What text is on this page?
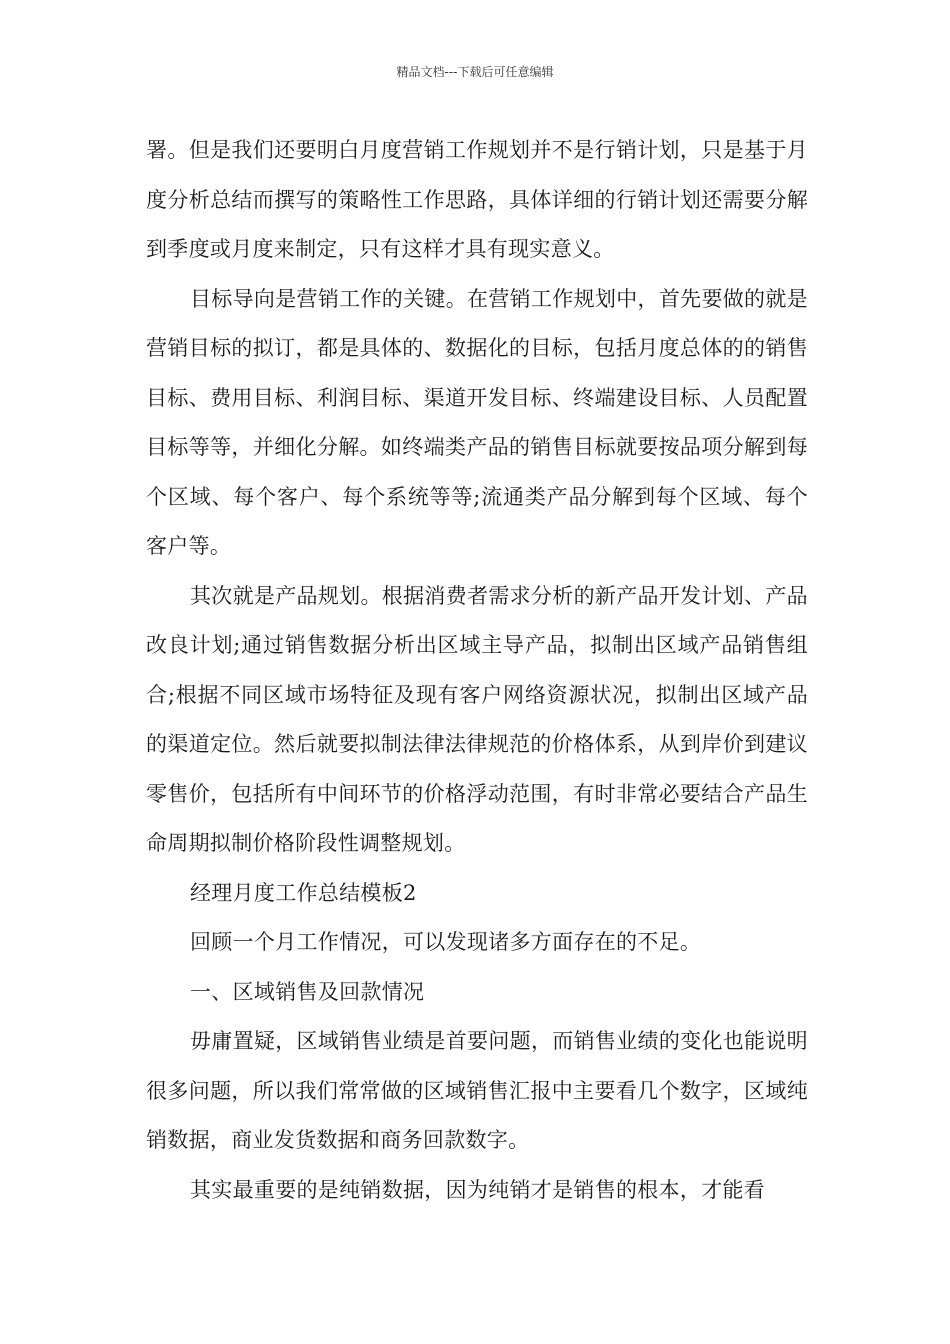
精品文档---下载后可任意编辑

署。但是我们还要明白月度营销工作规划并不是行销计划，只是基于月度分析总结而撰写的策略性工作思路，具体详细的行销计划还需要分解到季度或月度来制定，只有这样才具有现实意义。

目标导向是营销工作的关键。在营销工作规划中，首先要做的就是营销目标的拟订，都是具体的、数据化的目标，包括月度总体的的销售目标、费用目标、利润目标、渠道开发目标、终端建设目标、人员配置目标等等，并细化分解。如终端类产品的销售目标就要按品项分解到每个区域、每个客户、每个系统等等;流通类产品分解到每个区域、每个客户等。

其次就是产品规划。根据消费者需求分析的新产品开发计划、产品改良计划;通过销售数据分析出区域主导产品，拟制出区域产品销售组合;根据不同区域市场特征及现有客户网络资源状况，拟制出区域产品的渠道定位。然后就要拟制法律法律规范的价格体系，从到岸价到建议零售价，包括所有中间环节的价格浮动范围，有时非常必要结合产品生命周期拟制价格阶段性调整规划。

经理月度工作总结模板2

回顾一个月工作情况，可以发现诸多方面存在的不足。

一、区域销售及回款情况

毋庸置疑，区域销售业绩是首要问题，而销售业绩的变化也能说明很多问题，所以我们常常做的区域销售汇报中主要看几个数字，区域纯销数据，商业发货数据和商务回款数字。

其实最重要的是纯销数据，因为纯销才是销售的根本，才能看
